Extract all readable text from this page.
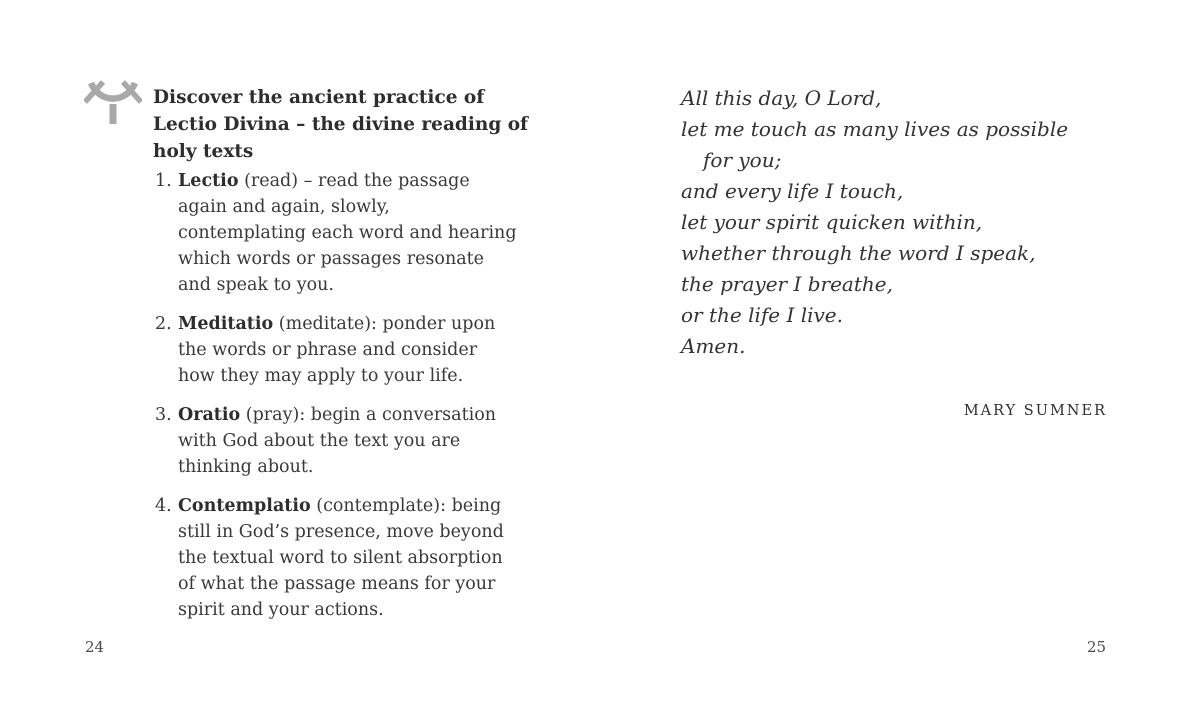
Discover the ancient practice of
Lectio Divina – the divine reading of
holy texts
1. Lectio (read) – read the passage again and again, slowly, contemplating each word and hearing which words or passages resonate and speak to you.
2. Meditatio (meditate): ponder upon the words or phrase and consider how they may apply to your life.
3. Oratio (pray): begin a conversation with God about the text you are thinking about.
4. Contemplatio (contemplate): being still in God’s presence, move beyond the textual word to silent absorption of what the passage means for your spirit and your actions.
24
All this day, O Lord,
let me touch as many lives as possible
for you;
and every life I touch,
let your spirit quicken within,
whether through the word I speak,
the prayer I breathe,
or the life I live.
Amen.
MARY SUMNER
25
